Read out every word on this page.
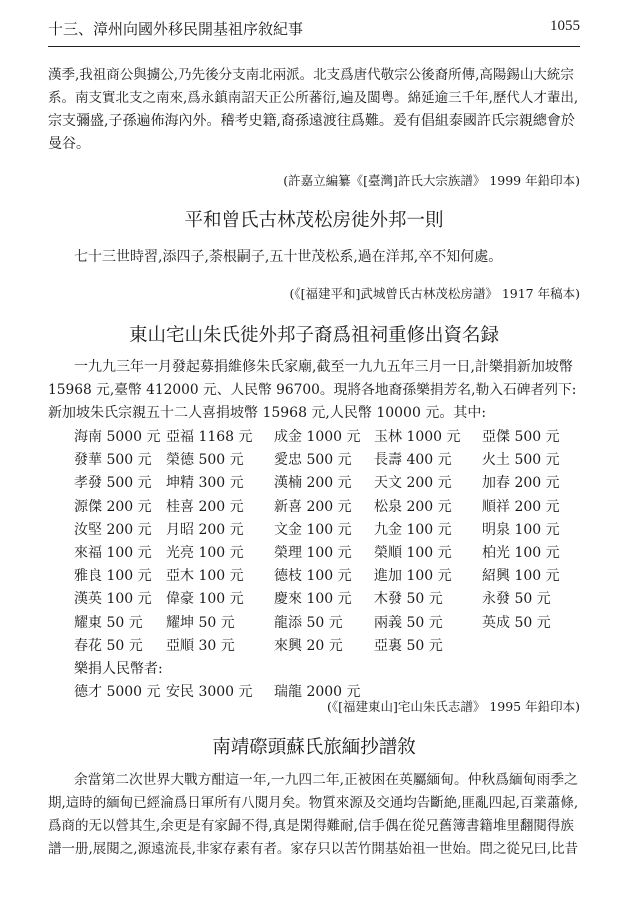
十三、漳州向國外移民開基祖序敘紀事	1055
漢季,我祖商公與擄公,乃先後分支南北兩派。北支爲唐代敬宗公後裔所傳,高陽錫山大統宗
系。南支實北支之南來,爲永鎮南詔天正公所蕃衍,遍及閩粤。綿延逾三千年,歷代人才輩出,
宗支彌盛,子孫遍佈海內外。稽考史籍,裔孫遠渡往爲難。爰有倡組泰國許氏宗親總會於
曼谷。
(許嘉立編纂《[臺灣]許氏大宗族譜》 1999 年鉛印本)
平和曾氏古林茂松房徙外邦一則
七十三世時習,添四子,荼根嗣子,五十世茂松系,過在洋邦,卒不知何處。
(《[福建平和]武城曾氏古林茂松房譜》 1917 年稿本)
東山宅山朱氏徙外邦子裔爲祖祠重修出資名録
一九九三年一月發起募捐維修朱氏家廟,截至一九九五年三月一日,計樂捐新加坡幣
15968 元,臺幣 412000 元、人民幣 96700。現將各地裔孫樂捐芳名,勒入石碑者列下:
新加坡朱氏宗親五十二人喜捐坡幣 15968 元,人民幣 10000 元。其中:
海南 5000 元 亞福 1168 元 成金 1000 元 玉林 1000 元 亞傑 500 元
發華 500 元 榮德 500 元 愛忠 500 元 長壽 400 元 火土 500 元
孝發 500 元 坤精 300 元 漢楠 200 元 天文 200 元 加春 200 元
源傑 200 元 桂喜 200 元 新喜 200 元 松泉 200 元 順祥 200 元
汝堅 200 元 月昭 200 元 文金 100 元 九金 100 元 明泉 100 元
來福 100 元 光亮 100 元 榮理 100 元 榮順 100 元 柏光 100 元
雅良 100 元 亞木 100 元 德枝 100 元 進加 100 元 紹興 100 元
漢英 100 元 偉豪 100 元 慶來 100 元 木發 50 元	永發 50 元
耀東 50 元 耀坤 50 元	龍添 50 元 兩義 50 元	英成 50 元
春花 50 元 亞順 30 元	來興 20 元 亞裏 50 元
樂捐人民幣者:
德才 5000 元 安民 3000 元 瑞龍 2000 元
(《[福建東山]宅山朱氏志譜》 1995 年鉛印本)
南靖磜頭蘇氏旅緬抄譜敘
余當第二次世界大戰方酣這一年,一九四二年,正被困在英屬緬甸。仲秋爲緬甸雨季之
期,這時的緬甸已經淪爲日軍所有八閱月矣。物質來源及交通均告斷絶,匪亂四起,百業蕭條,
爲商的无以營其生,余更是有家歸不得,真是閑得難耐,信手偶在從兄舊簿書籍堆里翻閱得族
譜一册,展閱之,源遠流長,非家存素有者。家存只以苦竹開基始祖一世始。問之從兄曰,比昔
